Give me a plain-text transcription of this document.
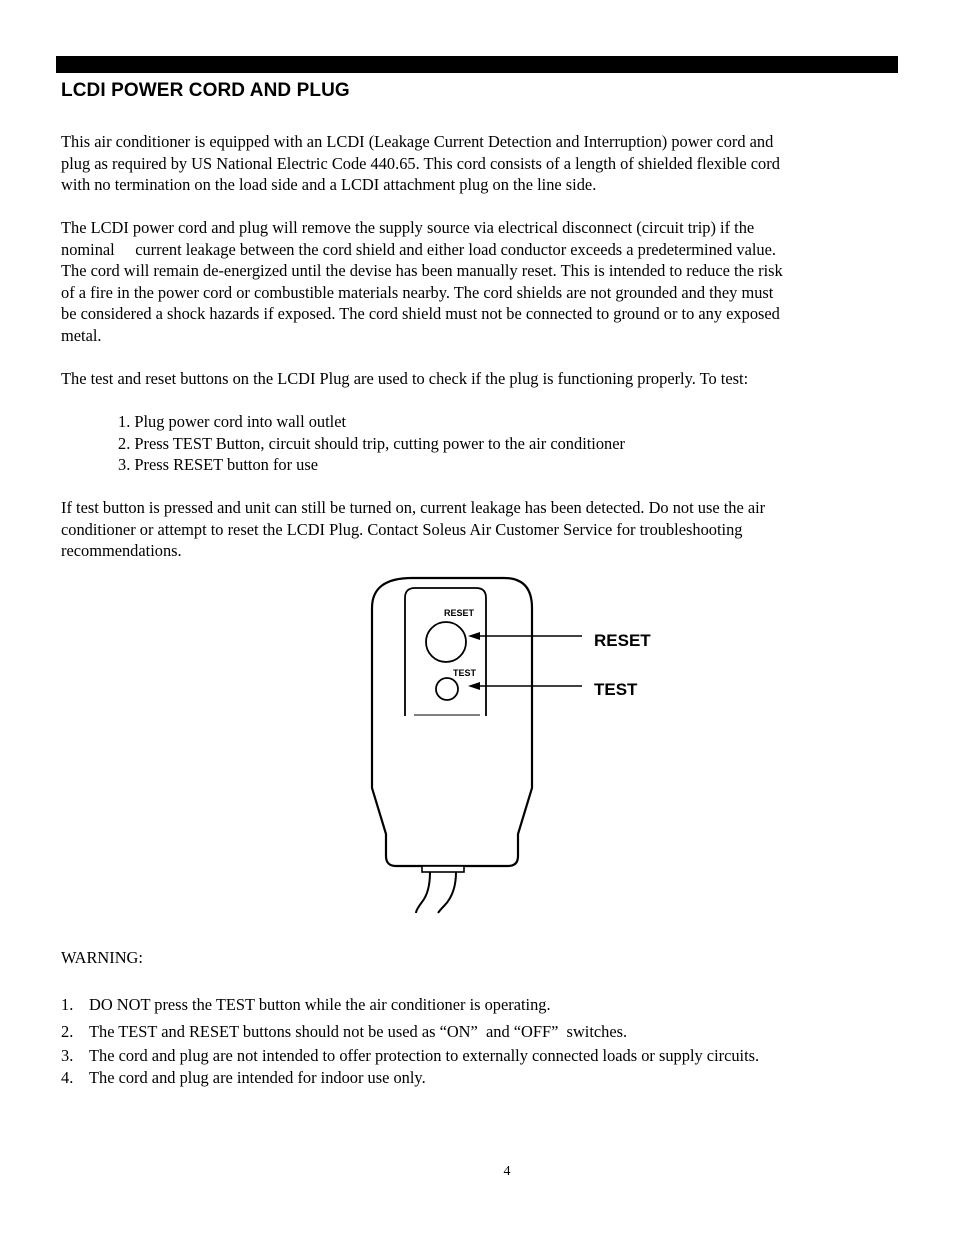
LCDI POWER CORD AND PLUG
This air conditioner is equipped with an LCDI (Leakage Current Detection and Interruption) power cord and
plug as required by US National Electric Code 440.65. This cord consists of a length of shielded flexible cord
with no termination on the load side and a LCDI attachment plug on the line side.
The LCDI power cord and plug will remove the supply source via electrical disconnect (circuit trip) if the
nominal     current leakage between the cord shield and either load conductor exceeds a predetermined value.
The cord will remain de-energized until the devise has been manually reset. This is intended to reduce the risk
of a fire in the power cord or combustible materials nearby. The cord shields are not grounded and they must
be considered a shock hazards if exposed. The cord shield must not be connected to ground or to any exposed
metal.
The test and reset buttons on the LCDI Plug are used to check if the plug is functioning properly. To test:
1. Plug power cord into wall outlet
2. Press TEST Button, circuit should trip, cutting power to the air conditioner
3. Press RESET button for use
If test button is pressed and unit can still be turned on, current leakage has been detected. Do not use the air
conditioner or attempt to reset the LCDI Plug. Contact Soleus Air Customer Service for troubleshooting
recommendations.
RESET
TEST
RESET
TEST
WARNING:
1. DO NOT press the TEST button while the air conditioner is operating.
2. The TEST and RESET buttons should not be used as “ON”  and “OFF”  switches.
3. The cord and plug are not intended to offer protection to externally connected loads or supply circuits.
4. The cord and plug are intended for indoor use only.
4
